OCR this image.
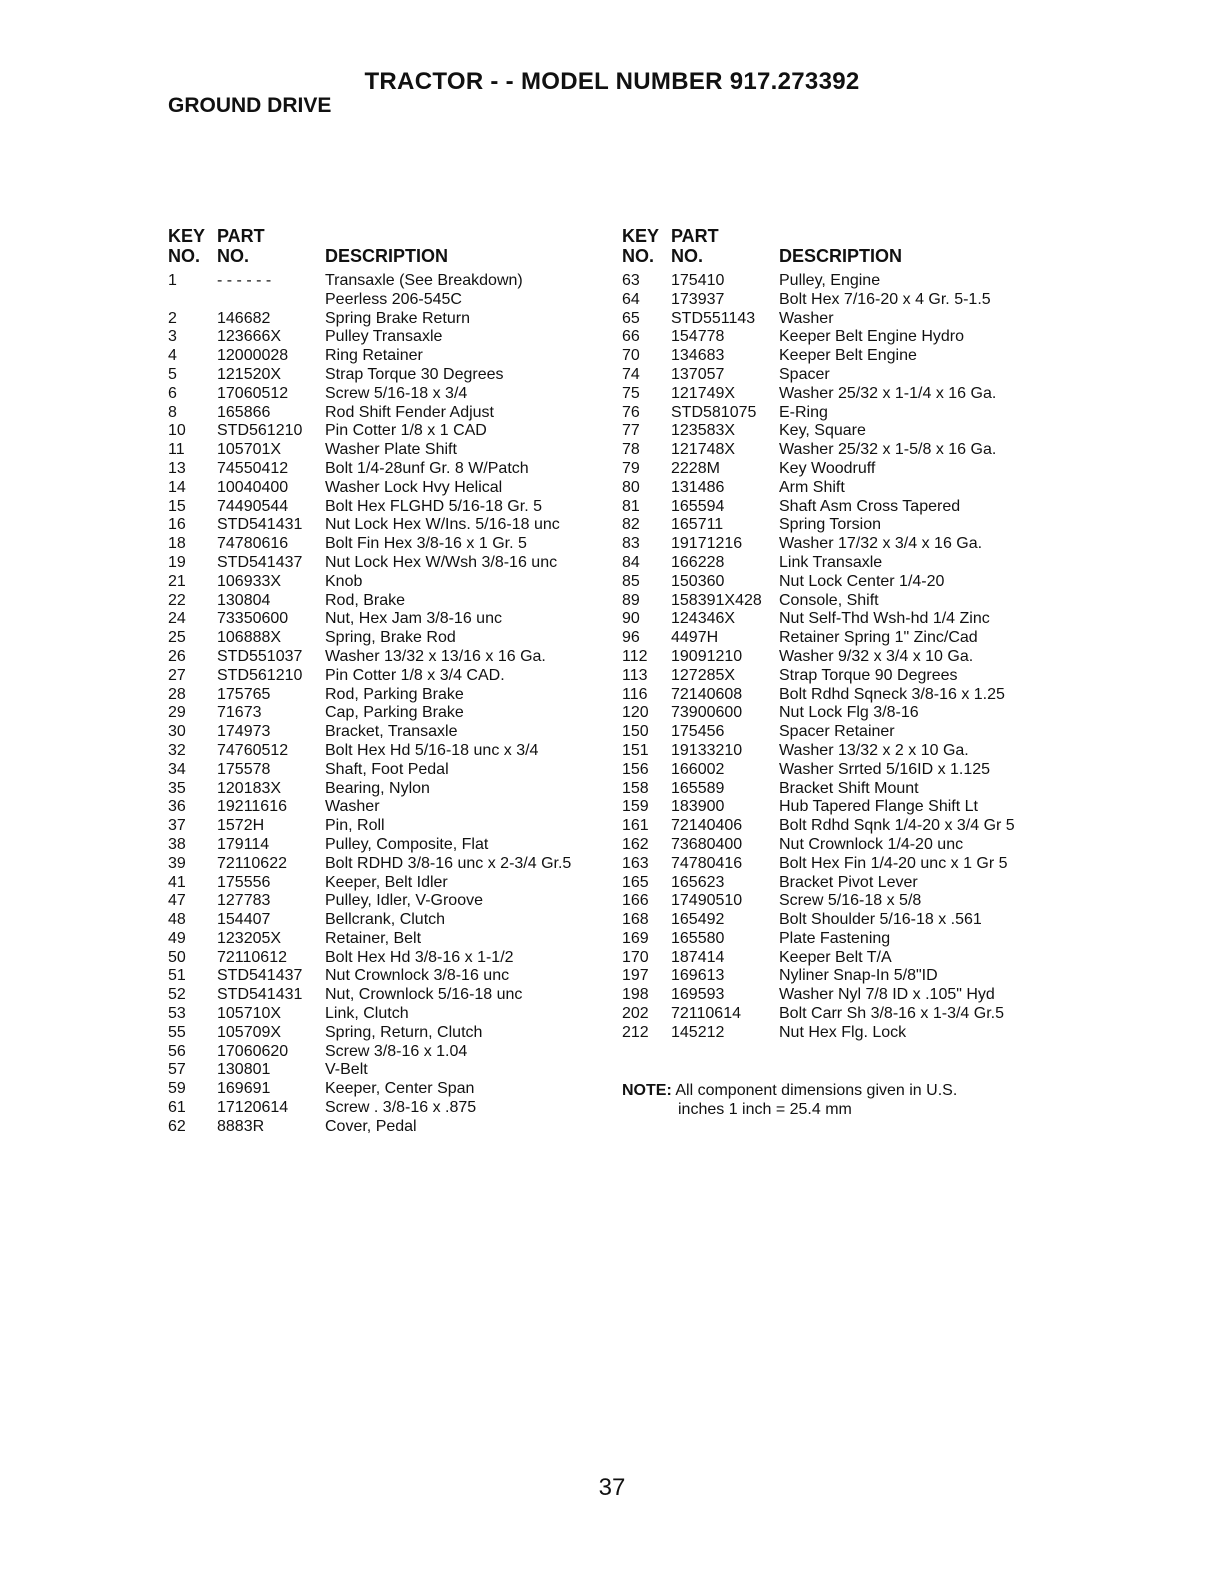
TRACTOR - - MODEL NUMBER 917.273392
GROUND DRIVE
KEY PART
NO. NO.	DESCRIPTION
1	- - - - - -	Transaxle (See Breakdown)
Peerless 206-545C
2	146682	Spring Brake Return
3	123666X	Pulley Transaxle
4	12000028 Ring Retainer
5	121520X	Strap Torque 30 Degrees
6	17060512 Screw 5/16-18 x 3/4
8	165866	Rod Shift Fender Adjust
10 STD561210 Pin Cotter 1/8 x 1 CAD
11 105701X	Washer Plate Shift
13 74550412 Bolt 1/4-28unf Gr. 8 W/Patch
14 10040400 Washer Lock Hvy Helical
15 74490544 Bolt Hex FLGHD 5/16-18 Gr. 5
16 STD541431 Nut Lock Hex W/Ins. 5/16-18 unc
18 74780616 Bolt Fin Hex 3/8-16 x 1 Gr. 5
19 STD541437 Nut Lock Hex W/Wsh 3/8-16 unc
21 106933X	Knob
22 130804	Rod, Brake
24 73350600 Nut, Hex Jam 3/8-16 unc
25 106888X	Spring, Brake Rod
26 STD551037 Washer 13/32 x 13/16 x 16 Ga.
27 STD561210 Pin Cotter 1/8 x 3/4 CAD.
28 175765	Rod, Parking Brake
29 71673	Cap, Parking Brake
30 174973	Bracket, Transaxle
32 74760512 Bolt Hex Hd 5/16-18 unc x 3/4
34 175578	Shaft, Foot Pedal
35 120183X	Bearing, Nylon
36 19211616 Washer
37 1572H	Pin, Roll
38 179114	Pulley, Composite, Flat
39 72110622 Bolt RDHD 3/8-16 unc x 2-3/4 Gr.5
41 175556	Keeper, Belt Idler
47 127783	Pulley, Idler, V-Groove
48 154407	Bellcrank, Clutch
49 123205X	Retainer, Belt
50 72110612 Bolt Hex Hd 3/8-16 x 1-1/2
51 STD541437 Nut Crownlock 3/8-16 unc
52 STD541431 Nut, Crownlock 5/16-18 unc
53 105710X	Link, Clutch
55 105709X	Spring, Return, Clutch
56 17060620 Screw 3/8-16 x 1.04
57 130801	V-Belt
59 169691	Keeper, Center Span
61 17120614 Screw . 3/8-16 x .875
62 8883R	Cover, Pedal
KEY PART
NO. NO.	DESCRIPTION
63 175410	Pulley, Engine
64 173937	Bolt Hex 7/16-20 x 4 Gr. 5-1.5
65 STD551143 Washer
66 154778	Keeper Belt Engine Hydro
70 134683	Keeper Belt Engine
74 137057	Spacer
75 121749X	Washer 25/32 x 1-1/4 x 16 Ga.
76 STD581075 E-Ring
77 123583X	Key, Square
78 121748X	Washer 25/32 x 1-5/8 x 16 Ga.
79 2228M	Key Woodruff
80 131486	Arm Shift
81 165594	Shaft Asm Cross Tapered
82 165711	Spring Torsion
83 19171216 Washer 17/32 x 3/4 x 16 Ga.
84 166228	Link Transaxle
85 150360	Nut Lock Center 1/4-20
89 158391X428 Console, Shift
90 124346X	Nut Self-Thd Wsh-hd 1/4 Zinc
96 4497H	Retainer Spring 1" Zinc/Cad
112 19091210 Washer 9/32 x 3/4 x 10 Ga.
113 127285X	Strap Torque 90 Degrees
116 72140608 Bolt Rdhd Sqneck 3/8-16 x 1.25
120 73900600 Nut Lock Flg 3/8-16
150 175456	Spacer Retainer
151 19133210 Washer 13/32 x 2 x 10 Ga.
156 166002	Washer Srrted 5/16ID x 1.125
158 165589	Bracket Shift Mount
159 183900	Hub Tapered Flange Shift Lt
161 72140406 Bolt Rdhd Sqnk 1/4-20 x 3/4 Gr 5
162 73680400 Nut Crownlock 1/4-20 unc
163 74780416 Bolt Hex Fin 1/4-20 unc x 1 Gr 5
165 165623	Bracket Pivot Lever
166 17490510 Screw 5/16-18 x 5/8
168 165492	Bolt Shoulder 5/16-18 x .561
169 165580	Plate Fastening
170 187414	Keeper Belt T/A
197 169613	Nyliner Snap-In 5/8"ID
198 169593	Washer Nyl 7/8 ID x .105" Hyd
202 72110614 Bolt Carr Sh 3/8-16 x 1-3/4 Gr.5
212 145212	Nut Hex Flg. Lock
NOTE: All component dimensions given in U.S.
inches 1 inch = 25.4 mm
37
